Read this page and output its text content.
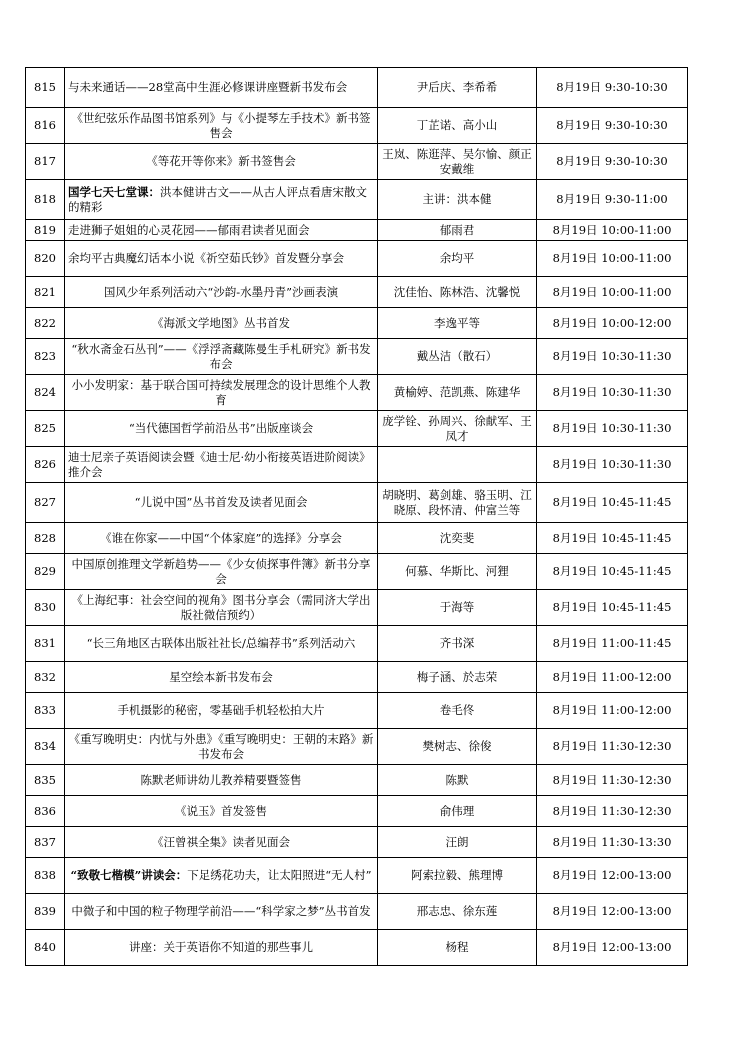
815	与未来通话——28堂高中生涯必修课讲座暨新书发布会	尹后庆、李希希	8月19日 9:30-10:30
816	《世纪弦乐作品图书馆系列》与《小提琴左手技术》新书签售会	丁芷诺、高小山	8月19日 9:30-10:30
817	《等花开等你来》新书签售会	王岚、陈逛萍、吴尔愉、颜正安戴维	8月19日 9:30-10:30
818	国学七天七堂课：洪本健讲古文——从古人评点看唐宋散文的精彩	主讲：洪本健	8月19日 9:30-11:00
819	走进狮子姐姐的心灵花园——郁雨君读者见面会	郁雨君	8月19日 10:00-11:00
820	余均平古典魔幻话本小说《祈空茹氏钞》首发暨分享会	余均平	8月19日 10:00-11:00
821	国风少年系列活动六“沙韵-水墨丹青”沙画表演	沈佳怡、陈林浩、沈馨悦	8月19日 10:00-11:00
822	《海派文学地图》丛书首发	李逸平等	8月19日 10:00-12:00
823	“秋水斋金石丛刊”——《浮浮斋藏陈曼生手札研究》新书发布会	戴丛洁（散石）	8月19日 10:30-11:30
824	小小发明家：基于联合国可持续发展理念的设计思维个人教育	黄榆婷、范凯燕、陈建华	8月19日 10:30-11:30
825	“当代德国哲学前沿丛书”出版座谈会	庞学铨、孙周兴、徐献军、王凤才	8月19日 10:30-11:30
826	迪士尼亲子英语阅读会暨《迪士尼·幼小衔接英语进阶阅读》推介会		8月19日 10:30-11:30
827	“儿说中国”丛书首发及读者见面会	胡晓明、葛剑雄、骆玉明、江晓原、段怀清、仲富兰等	8月19日 10:45-11:45
828	《谁在你家——中国“个体家庭”的选择》分享会	沈奕斐	8月19日 10:45-11:45
829	中国原创推理文学新趋势——《少女侦探事件簿》新书分享会	何慕、华斯比、河狸	8月19日 10:45-11:45
830	《上海纪事：社会空间的视角》图书分享会（需同济大学出版社微信预约）	于海等	8月19日 10:45-11:45
831	“长三角地区古联体出版社社长/总编荐书”系列活动六	齐书深	8月19日 11:00-11:45
832	星空绘本新书发布会	梅子涵、於志荣	8月19日 11:00-12:00
833	手机摄影的秘密，零基础手机轻松拍大片	卷毛佟	8月19日 11:00-12:00
834	《重写晚明史：内忧与外患》《重写晚明史：王朝的末路》新书发布会	樊树志、徐俊	8月19日 11:30-12:30
835	陈默老师讲幼儿教养精要暨签售	陈默	8月19日 11:30-12:30
836	《说玉》首发签售	俞伟理	8月19日 11:30-12:30
837	《汪曾祺全集》读者见面会	汪朗	8月19日 11:30-13:30
838	“致敬七楷模”讲读会：下足绣花功夫，让太阳照进“无人村”	阿索拉毅、熊理博	8月19日 12:00-13:00
839	中微子和中国的粒子物理学前沿——“科学家之梦”丛书首发	邢志忠、徐东莲	8月19日 12:00-13:00
840	讲座：关于英语你不知道的那些事儿	杨程	8月19日 12:00-13:00
